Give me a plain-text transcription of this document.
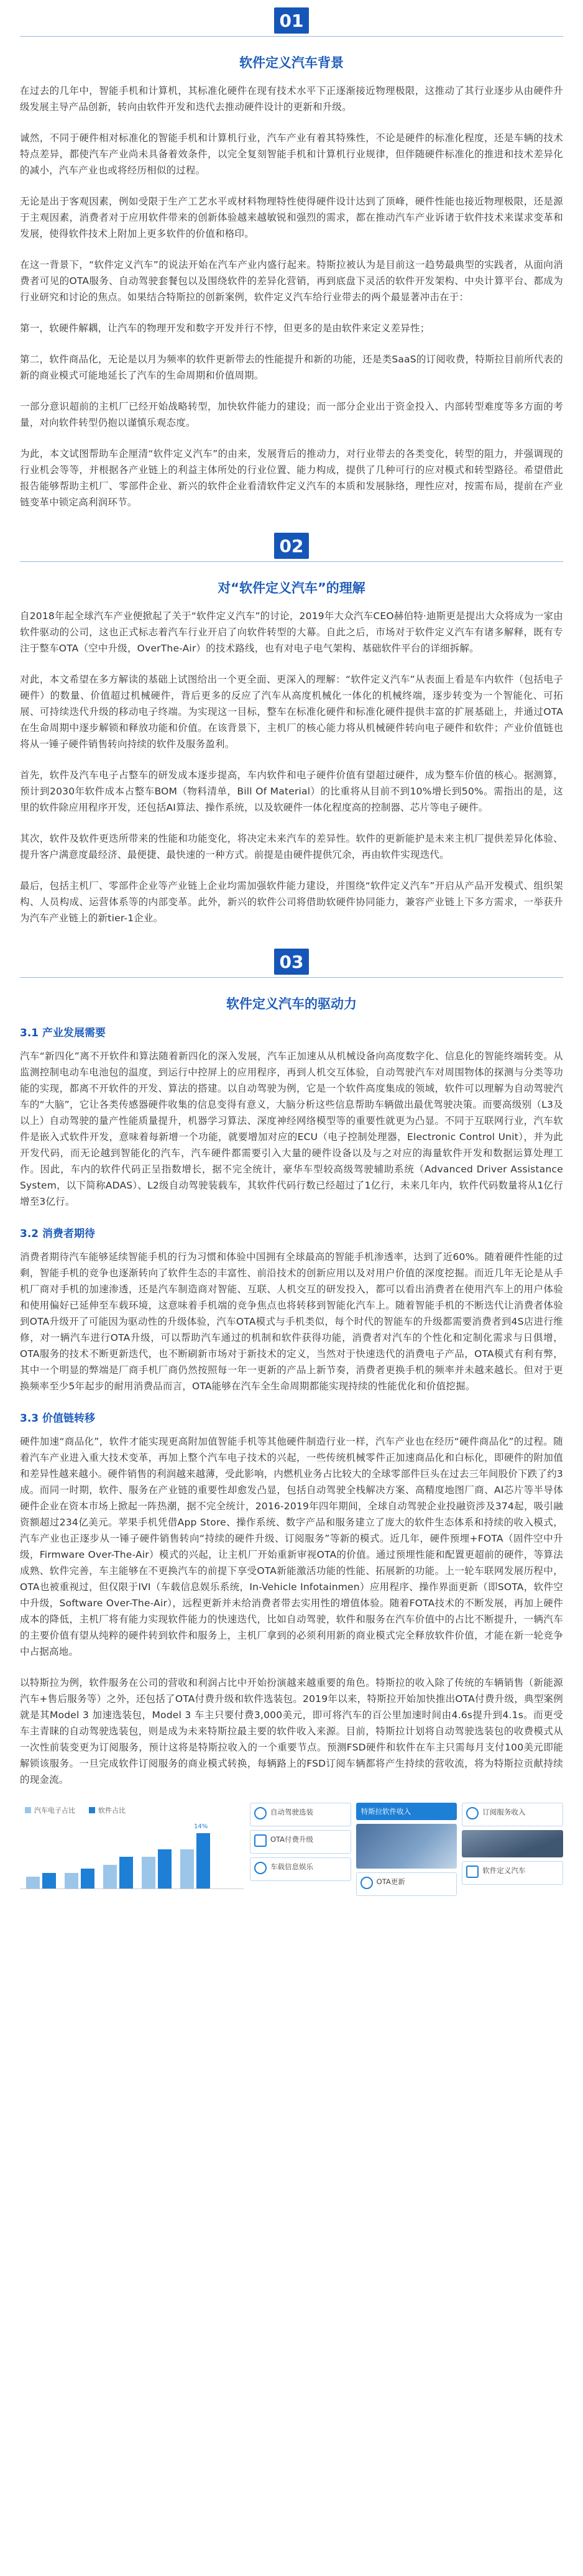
01
软件定义汽车背景

在过去的几年中，智能手机和计算机，其标准化硬件在现有技术水平下正逐渐接近物理极限，这推动了其行业逐步从由硬件升级发展主导产品创新，转向由软件开发和迭代去推动硬件设计的更新和升级。

诚然，不同于硬件相对标准化的智能手机和计算机行业，汽车产业有着其特殊性，不论是硬件的标准化程度，还是车辆的技术特点差异，都使汽车产业尚未具备着效条件，以完全复刻智能手机和计算机行业规律，但伴随硬件标准化的推进和技术差异化的减小，汽车产业也或将经历相似的过程。

无论是出于客观因素，例如受限于生产工艺水平或材料物理特性使得硬件设计达到了顶峰，硬件性能也接近物理极限，还是源于主观因素，消费者对于应用软件带来的创新体验越来越敏锐和强烈的需求，都在推动汽车产业诉诸于软件技术来谋求变革和发展，使得软件技术上附加上更多软件的价值和格印。

在这一背景下，“软件定义汽车”的说法开始在汽车产业内盛行起来。特斯拉被认为是目前这一趋势最典型的实践者，从面向消费者可见的OTA服务、自动驾驶套餐包以及围绕软件的差异化营销，再到底盘下灵活的软件开发架构、中央计算平台、都成为行业研究和讨论的焦点。如果结合特斯拉的创新案例，软件定义汽车给行业带去的两个最显著冲击在于：

第一，软硬件解耦，让汽车的物理开发和数字开发并行不悖，但更多的是由软件来定义差异性；

第二，软件商品化，无论是以月为频率的软件更新带去的性能提升和新的功能，还是类SaaS的订阅收费，特斯拉目前所代表的新的商业模式可能地延长了汽车的生命周期和价值周期。

一部分意识超前的主机厂已经开始战略转型，加快软件能力的建设；而一部分企业出于资金投入、内部转型难度等多方面的考量，对向软件转型仍抱以谨慎乐观态度。

为此，本文试图帮助车企厘清“软件定义汽车”的由来，发展背后的推动力，对行业带去的各类变化，转型的阻力，并强调现的行业机会等等，并根据各产业链上的利益主体所处的行业位置、能力构成，提供了几种可行的应对模式和转型路径。希望借此报告能够帮助主机厂、零部件企业、新兴的软件企业看清软件定义汽车的本质和发展脉络，理性应对，按需布局，提前在产业链变革中锁定高利润环节。

02
对“软件定义汽车”的理解

自2018年起全球汽车产业便掀起了关于“软件定义汽车”的讨论，2019年大众汽车CEO赫伯特·迪斯更是提出大众将成为一家由软件驱动的公司，这也正式标志着汽车行业开启了向软件转型的大幕。自此之后，市场对于软件定义汽车有诸多解释，既有专注于整车OTA（空中升级，OverThe-Air）的技术路线，也有对电子电气架构、基础软件平台的详细拆解。

对此，本文希望在多方解读的基础上试图给出一个更全面、更深入的理解：“软件定义汽车”从表面上看是车内软件（包括电子硬件）的数量、价值超过机械硬件，背后更多的反应了汽车从高度机械化一体化的机械终端，逐步转变为一个智能化、可拓展、可持续迭代升级的移动电子终端。为实现这一目标，整车在标准化硬件和标准化硬件提供丰富的扩展基础上，并通过OTA在生命周期中逐步解锁和释放功能和价值。在该背景下，主机厂的核心能力将从机械硬件转向电子硬件和软件；产业价值链也将从一锤子硬件销售转向持续的软件及服务盈利。

首先，软件及汽车电子占整车的研发成本逐步提高，车内软件和电子硬件价值有望超过硬件，成为整车价值的核心。据测算，预计到2030年软件成本占整车BOM（物料清单，Bill Of Material）的比重将从目前不到10%增长到50%。需指出的是，这里的软件除应用程序开发，还包括AI算法、操作系统，以及软硬件一体化程度高的控制器、芯片等电子硬件。

其次，软件及软件更迭所带来的性能和功能变化，将决定未来汽车的差异性。软件的更新能护是未来主机厂提供差异化体验、提升客户满意度最经济、最便捷、最快速的一种方式。前提是由硬件提供冗余，再由软件实现迭代。

最后，包括主机厂、零部件企业等产业链上企业均需加强软件能力建设，并围绕“软件定义汽车”开启从产品开发模式、组织架构、人员构成、运营体系等的内部变革。此外，新兴的软件公司将借助软硬件协同能力，兼容产业链上下多方需求，一举获升为汽车产业链上的新tier-1企业。

03
软件定义汽车的驱动力
3.1 产业发展需要

汽车“新四化”离不开软件和算法随着新四化的深入发展，汽车正加速从从机械设备向高度数字化、信息化的智能终端转变。从监测控制电动车电池包的温度，到运行中控屏上的应用程序，再到人机交互体验，自动驾驶汽车对周围物体的探测与分类等功能的实现，都离不开软件的开发、算法的搭建。以自动驾驶为例，它是一个软件高度集成的领域，软件可以理解为自动驾驶汽车的“大脑”，它让各类传感器硬件收集的信息变得有意义，大脑分析这些信息帮助车辆做出最优驾驶决策。而要高级别（L3及以上）自动驾驶的量产性能质量提升，机器学习算法、深度神经网络模型等的重要性就更为凸显。不同于互联网行业，汽车软件是嵌入式软件开发，意味着每新增一个功能，就要增加对应的ECU（电子控制处理器，Electronic Control Unit），并为此开发代码，而无论越到智能化的汽车，汽车硬件都需要引入大量的硬件设备以及与之对应的海量软件开发和数据运算处理工作。因此，车内的软件代码正呈指数增长，据不完全统计，豪华车型较高级驾驶辅助系统（Advanced Driver Assistance System，以下简称ADAS）、L2级自动驾驶装载车，其软件代码行数已经超过了1亿行，未来几年内，软件代码数量将从1亿行增至3亿行。

3.2 消费者期待

消费者期待汽车能够延续智能手机的行为习惯和体验中国拥有全球最高的智能手机渗透率，达到了近60%。随着硬件性能的过剩，智能手机的竞争也逐渐转向了软件生态的丰富性、前沿技术的创新应用以及对用户价值的深度挖掘。而近几年无论是从手机厂商对手机的加速渗透，还是汽车制造商对智能、互联、人机交互的研发投入，都可以看出消费者在使用汽车上的用户体验和使用偏好已延伸至车载环境，这意味着手机端的竞争焦点也将转移到智能化汽车上。随着智能手机的不断迭代让消费者体验到OTA升级开了可能因为驱动性的升级体验，汽车OTA模式与手机类似，每个时代的智能车的升级都需要消费者到4S店进行维修，对一辆汽车进行OTA升级，可以帮助汽车通过的机制和软件获得功能，消费者对汽车的个性化和定制化需求与日俱增，OTA服务的技术不断更新迭代，也不断刷新市场对于新技术的定义，当然对于快速迭代的消费电子产品，OTA模式有利有弊，其中一个明显的弊端是厂商手机厂商仍然按照每一年一更新的产品上新节奏，消费者更换手机的频率并未越来越长。但对于更换频率至少5年起步的耐用消费品而言，OTA能够在汽车全生命周期都能实现持续的性能优化和价值挖掘。

3.3 价值链转移

硬件加速“商品化”，软件才能实现更高附加值智能手机等其他硬件制造行业一样，汽车产业也在经历“硬件商品化”的过程。随着汽车产业进入重大技术变革，再加上整个汽车电子技术的兴起，一些传统机械零件正加速商品化和白标化，即硬件的附加值和差异性越来越小。硬件销售的利润越来越薄，受此影响，内燃机业务占比较大的全球零部件巨头在过去三年间股价下跌了约3成。而同一时期，软件、服务在产业链的重要性却愈发凸显，包括自动驾驶全栈解决方案、高精度地图厂商、AI芯片等半导体硬件企业在资本市场上掀起一阵热潮，据不完全统计，2016-2019年四年期间，全球自动驾驶企业投融资涉及374起，吸引融资额超过234亿美元。苹果手机凭借App Store、操作系统、数字产品和服务建立了庞大的软件生态体系和持续的收入模式，汽车产业也正逐步从一锤子硬件销售转向“持续的硬件升级、订阅服务”等新的模式。近几年，硬件预埋+FOTA（固件空中升级，Firmware Over-The-Air）模式的兴起，让主机厂开始重新审视OTA的价值。通过预埋性能和配置更超前的硬件，等算法成熟、软件完善，车主能够在不更换汽车的前提下享受OTA新能激活功能的性能、拓展新的功能。上一轮车联网发展历程中，OTA也被重视过，但仅限于IVI（车载信息娱乐系统，In-Vehicle Infotainmen）应用程序、操作界面更新（即SOTA，软件空中升级，Software Over-The-Air），远程更新并未给消费者带去实用性的增值体验。随着FOTA技术的不断发展，再加上硬件成本的降低，主机厂将有能力实现软件能力的快速迭代，比如自动驾驶，软件和服务在汽车价值中的占比不断提升，一辆汽车的主要价值有望从纯粹的硬件转到软件和服务上，主机厂拿到的必须利用新的商业模式完全释放软件价值，才能在新一轮竞争中占据高地。

以特斯拉为例，软件服务在公司的营收和利润占比中开始扮演越来越重要的角色。特斯拉的收入除了传统的车辆销售（新能源汽车+售后服务等）之外，还包括了OTA付费升级和软件选装包。2019年以来，特斯拉开始加快推出OTA付费升级，典型案例就是其Model 3 加速选装包，Model 3 车主只要付费3,000美元，即可将汽车的百公里加速时间由4.6s提升到4.1s。而更受车主青睐的自动驾驶选装包，则是成为未来特斯拉最主要的软件收入来源。目前，特斯拉计划将自动驾驶选装包的收费模式从一次性前装变更为订阅服务，预计这将是特斯拉收入的一个重要节点。预测FSD硬件和软件在车主只需每月支付100美元即能解锁该服务。一旦完成软件订阅服务的商业模式转换，每辆路上的FSD订阅车辆都将产生持续的营收流，将为特斯拉贡献持续的现金流。

汽车电子占比	软件占比
14%
自动驾驶选装
OTA付费升级
车载信息娱乐
特斯拉软件收入
OTA更新
订阅服务收入
软件定义汽车
